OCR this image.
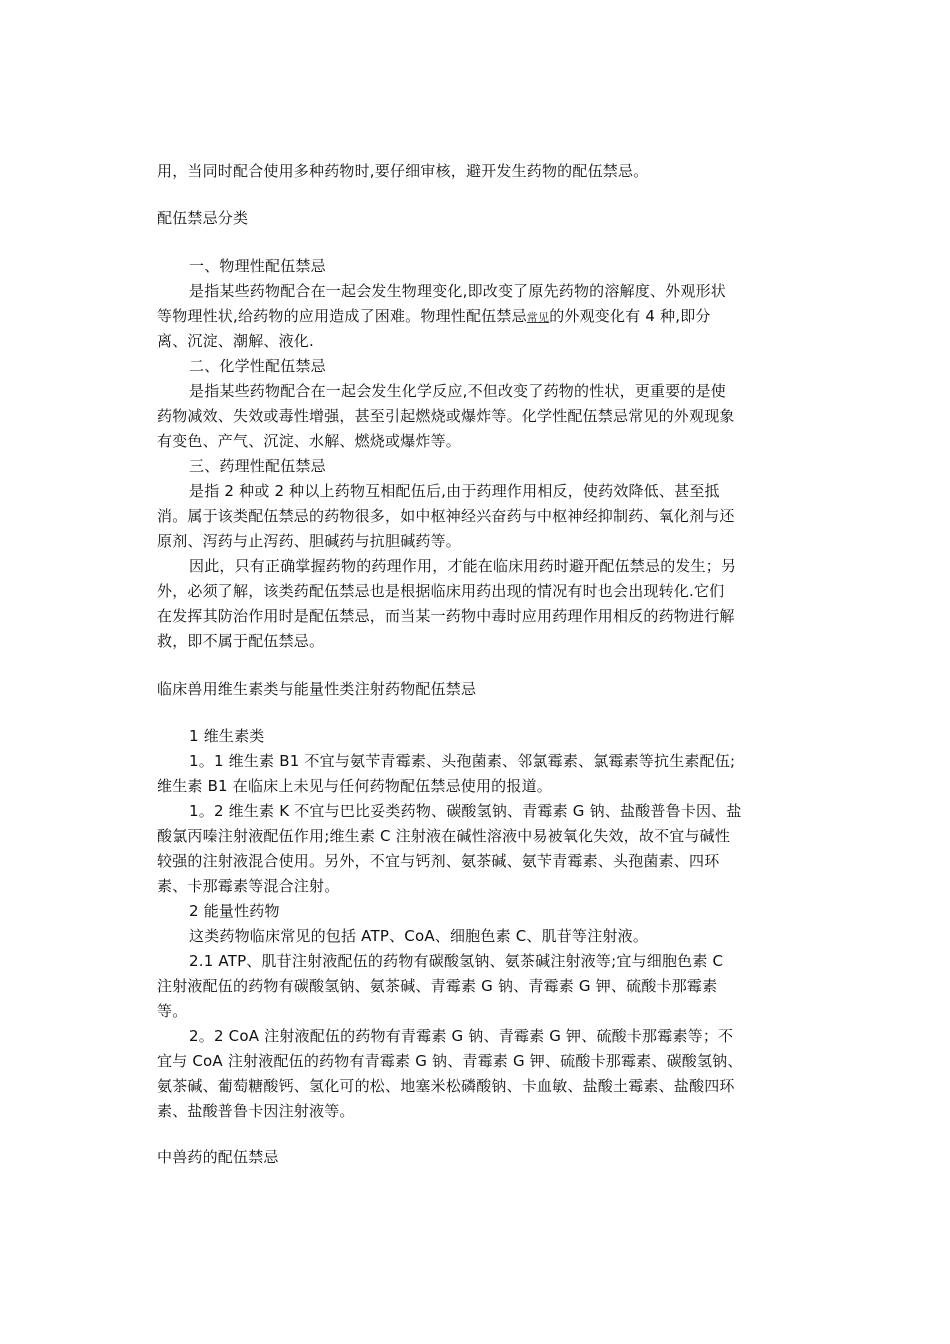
用，当同时配合使用多种药物时,要仔细审核，避开发生药物的配伍禁忌。
配伍禁忌分类
一、物理性配伍禁忌
是指某些药物配合在一起会发生物理变化,即改变了原先药物的溶解度、外观形状
等物理性状,给药物的应用造成了困难。物理性配伍禁忌常见的外观变化有 4 种,即分
离、沉淀、潮解、液化.
二、化学性配伍禁忌
是指某些药物配合在一起会发生化学反应,不但改变了药物的性状，更重要的是使
药物减效、失效或毒性增强，甚至引起燃烧或爆炸等。化学性配伍禁忌常见的外观现象
有变色、产气、沉淀、水解、燃烧或爆炸等。
三、药理性配伍禁忌
是指 2 种或 2 种以上药物互相配伍后,由于药理作用相反，使药效降低、甚至抵
消。属于该类配伍禁忌的药物很多，如中枢神经兴奋药与中枢神经抑制药、氧化剂与还
原剂、泻药与止泻药、胆碱药与抗胆碱药等。
因此，只有正确掌握药物的药理作用，才能在临床用药时避开配伍禁忌的发生；另
外，必须了解，该类药配伍禁忌也是根据临床用药出现的情况有时也会出现转化.它们
在发挥其防治作用时是配伍禁忌，而当某一药物中毒时应用药理作用相反的药物进行解
救，即不属于配伍禁忌。
临床兽用维生素类与能量性类注射药物配伍禁忌
1 维生素类
1。1 维生素 B1 不宜与氨苄青霉素、头孢菌素、邻氯霉素、氯霉素等抗生素配伍;
维生素 B1 在临床上未见与任何药物配伍禁忌使用的报道。
1。2 维生素 K 不宜与巴比妥类药物、碳酸氢钠、青霉素 G 钠、盐酸普鲁卡因、盐
酸氯丙嗪注射液配伍作用;维生素 C 注射液在碱性溶液中易被氧化失效，故不宜与碱性
较强的注射液混合使用。另外，不宜与钙剂、氨茶碱、氨苄青霉素、头孢菌素、四环
素、卡那霉素等混合注射。
2 能量性药物
这类药物临床常见的包括 ATP、CoA、细胞色素 C、肌苷等注射液。
2.1 ATP、肌苷注射液配伍的药物有碳酸氢钠、氨茶碱注射液等;宜与细胞色素 C
注射液配伍的药物有碳酸氢钠、氨茶碱、青霉素 G 钠、青霉素 G 钾、硫酸卡那霉素
等。
2。2 CoA 注射液配伍的药物有青霉素 G 钠、青霉素 G 钾、硫酸卡那霉素等；不
宜与 CoA 注射液配伍的药物有青霉素 G 钠、青霉素 G 钾、硫酸卡那霉素、碳酸氢钠、
氨茶碱、葡萄糖酸钙、氢化可的松、地塞米松磷酸钠、卡血敏、盐酸土霉素、盐酸四环
素、盐酸普鲁卡因注射液等。
中兽药的配伍禁忌
